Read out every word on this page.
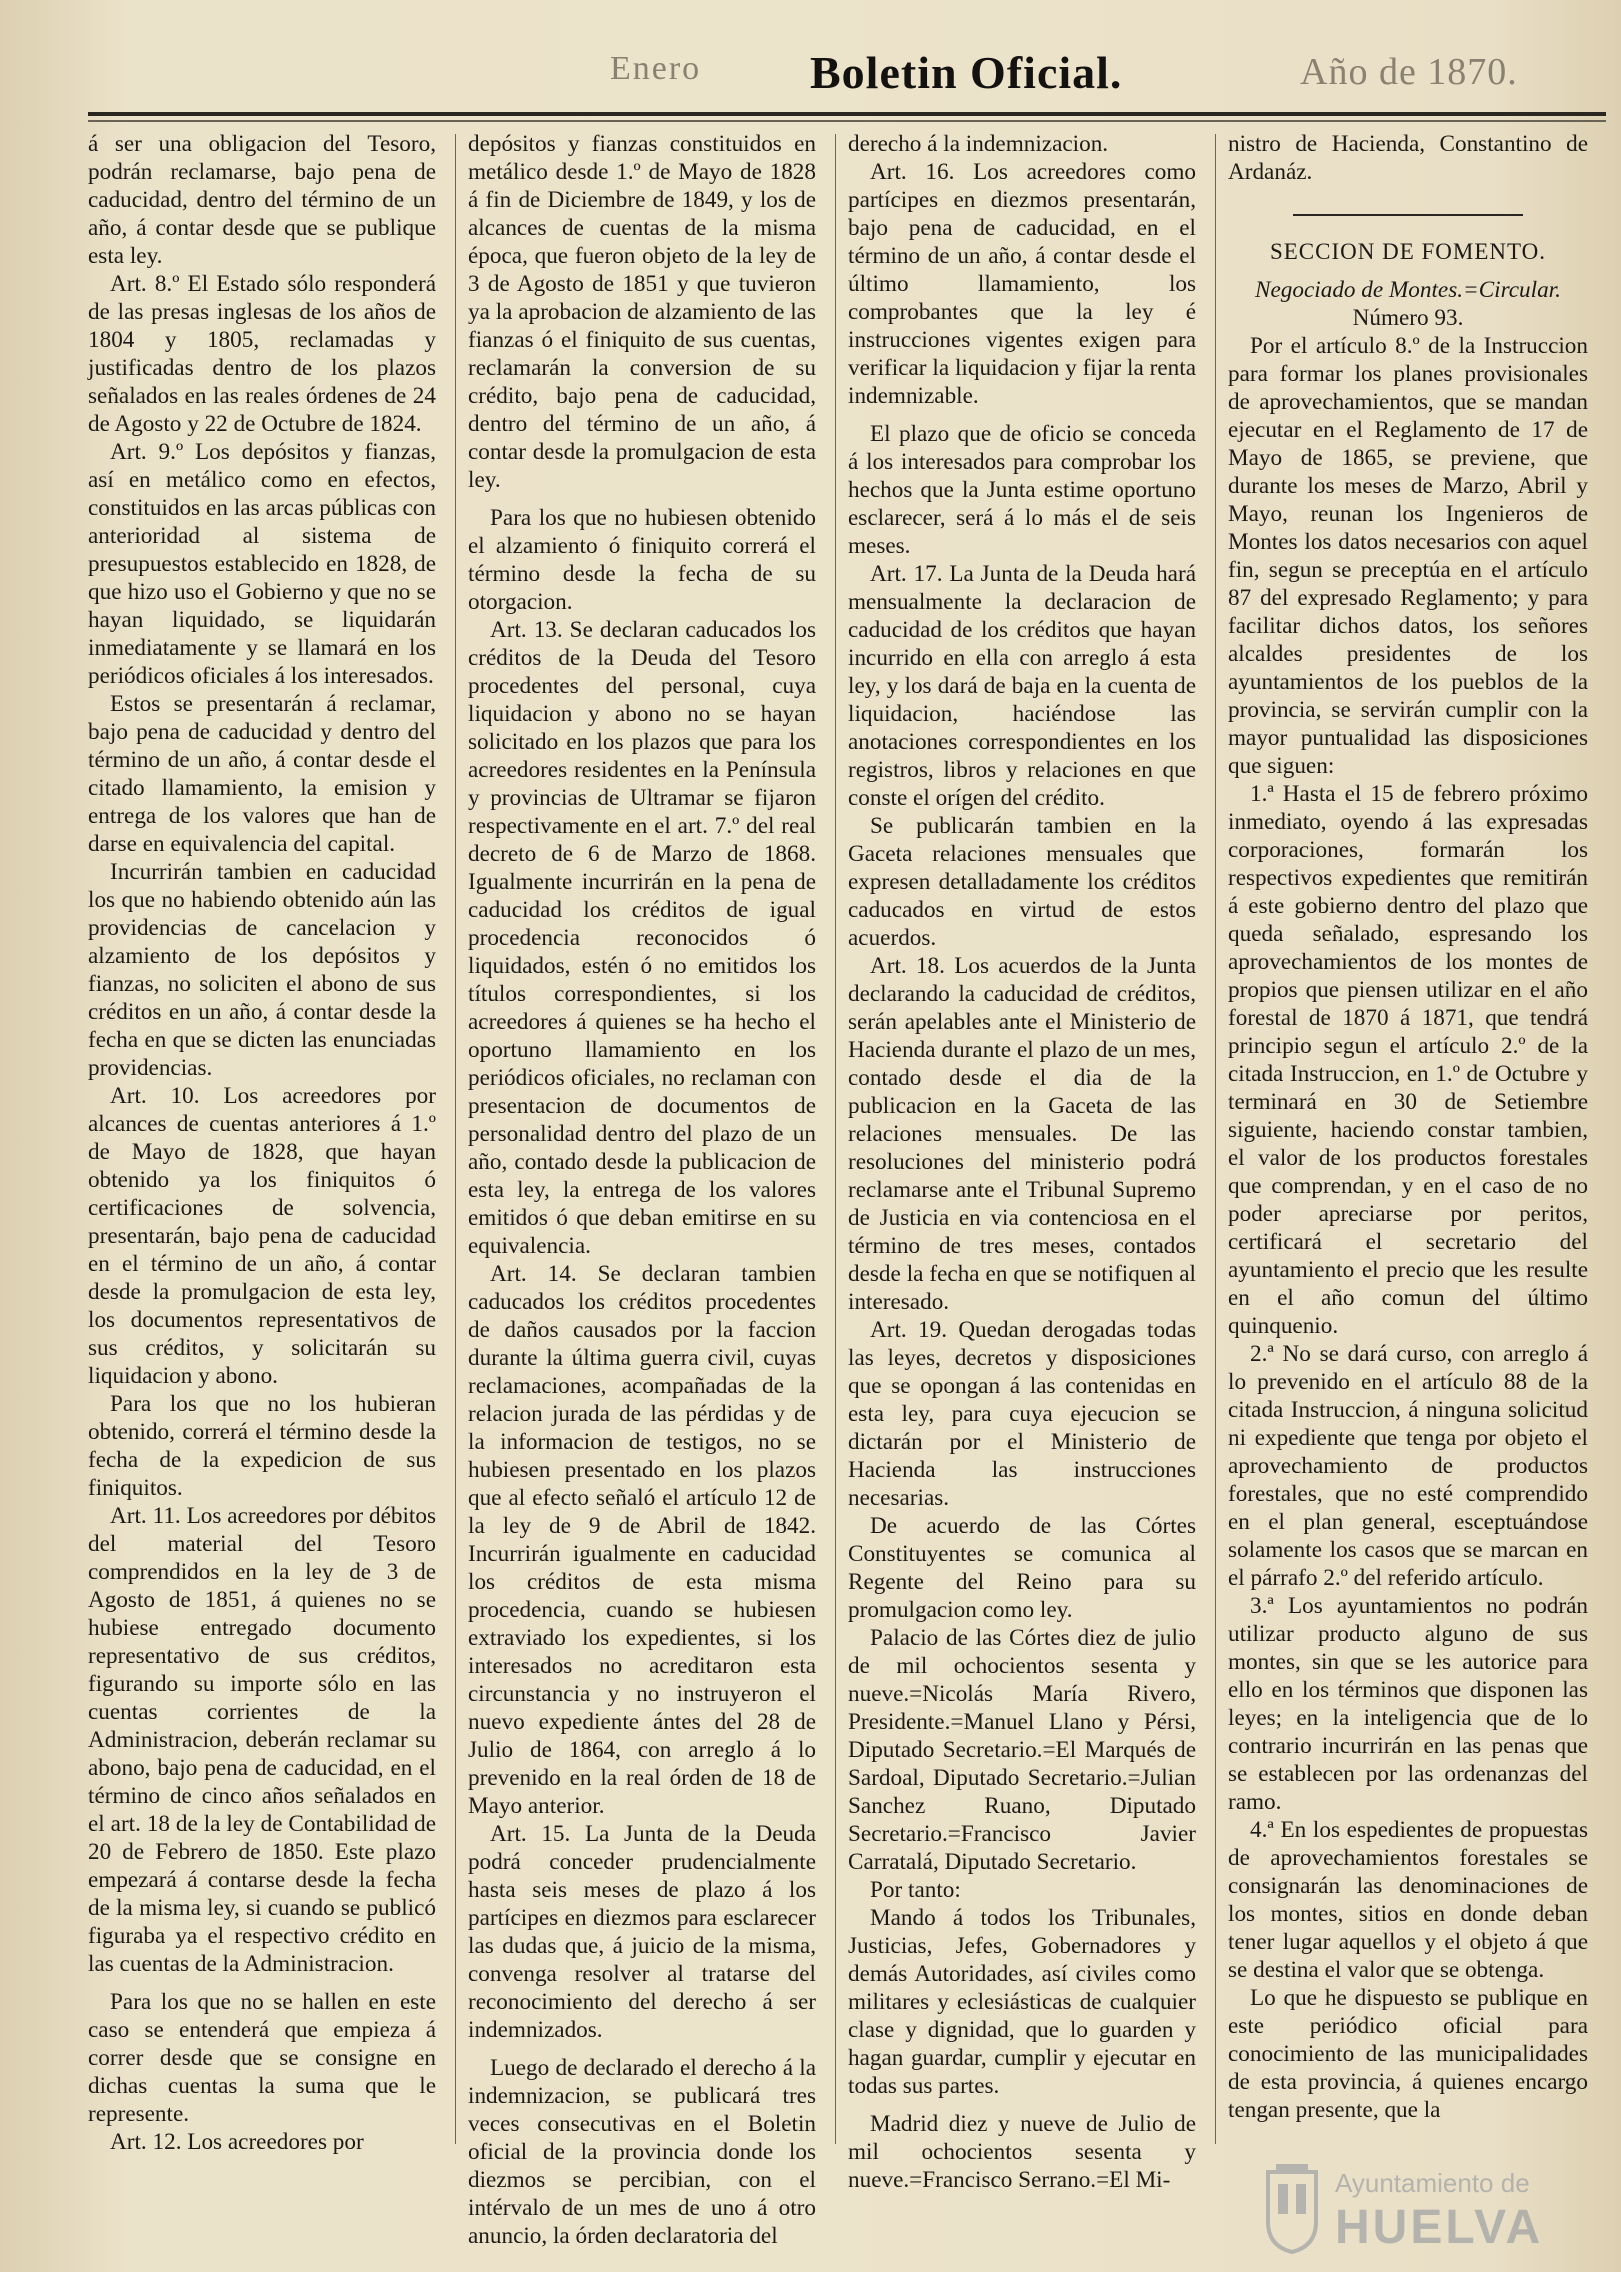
Enero Boletin Oficial.	Año de 1870.

á ser una obligacion del Tesoro, podrán reclamarse, bajo pena de caducidad, dentro del término de un año, á contar desde que se publique esta ley.

Art. 8.º El Estado sólo responderá de las presas inglesas de los años de 1804 y 1805, reclamadas y justificadas dentro de los plazos señalados en las reales órdenes de 24 de Agosto y 22 de Octubre de 1824.

Art. 9.º Los depósitos y fianzas, así en metálico como en efectos, constituidos en las arcas públicas con anterioridad al sistema de presupuestos establecido en 1828, de que hizo uso el Gobierno y que no se hayan liquidado, se liquidarán inmediatamente y se llamará en los periódicos oficiales á los interesados.

Estos se presentarán á reclamar, bajo pena de caducidad y dentro del término de un año, á contar desde el citado llamamiento, la emision y entrega de los valores que han de darse en equivalencia del capital.

Incurrirán tambien en caducidad los que no habiendo obtenido aún las providencias de cancelacion y alzamiento de los depósitos y fianzas, no soliciten el abono de sus créditos en un año, á contar desde la fecha en que se dicten las enunciadas providencias.

Art. 10. Los acreedores por alcances de cuentas anteriores á 1.º de Mayo de 1828, que hayan obtenido ya los finiquitos ó certificaciones de solvencia, presentarán, bajo pena de caducidad en el término de un año, á contar desde la promulgacion de esta ley, los documentos representativos de sus créditos, y solicitarán su liquidacion y abono.

Para los que no los hubieran obtenido, correrá el término desde la fecha de la expedicion de sus finiquitos.

Art. 11. Los acreedores por débitos del material del Tesoro comprendidos en la ley de 3 de Agosto de 1851, á quienes no se hubiese entregado documento representativo de sus créditos, figurando su importe sólo en las cuentas corrientes de la Administracion, deberán reclamar su abono, bajo pena de caducidad, en el término de cinco años señalados en el art. 18 de la ley de Contabilidad de 20 de Febrero de 1850. Este plazo empezará á contarse desde la fecha de la misma ley, si cuando se publicó figuraba ya el respectivo crédito en las cuentas de la Administracion.

Para los que no se hallen en este caso se entenderá que empieza á correr desde que se consigne en dichas cuentas la suma que le represente.

Art. 12. Los acreedores por

depósitos y fianzas constituidos en metálico desde 1.º de Mayo de 1828 á fin de Diciembre de 1849, y los de alcances de cuentas de la misma época, que fueron objeto de la ley de 3 de Agosto de 1851 y que tuvieron ya la aprobacion de alzamiento de las fianzas ó el finiquito de sus cuentas, reclamarán la conversion de su crédito, bajo pena de caducidad, dentro del término de un año, á contar desde la promulgacion de esta ley.

Para los que no hubiesen obtenido el alzamiento ó finiquito correrá el término desde la fecha de su otorgacion.

Art. 13. Se declaran caducados los créditos de la Deuda del Tesoro procedentes del personal, cuya liquidacion y abono no se hayan solicitado en los plazos que para los acreedores residentes en la Península y provincias de Ultramar se fijaron respectivamente en el art. 7.º del real decreto de 6 de Marzo de 1868. Igualmente incurrirán en la pena de caducidad los créditos de igual procedencia reconocidos ó liquidados, estén ó no emitidos los títulos correspondientes, si los acreedores á quienes se ha hecho el oportuno llamamiento en los periódicos oficiales, no reclaman con presentacion de documentos de personalidad dentro del plazo de un año, contado desde la publicacion de esta ley, la entrega de los valores emitidos ó que deban emitirse en su equivalencia.

Art. 14. Se declaran tambien caducados los créditos procedentes de daños causados por la faccion durante la última guerra civil, cuyas reclamaciones, acompañadas de la relacion jurada de las pérdidas y de la informacion de testigos, no se hubiesen presentado en los plazos que al efecto señaló el artículo 12 de la ley de 9 de Abril de 1842. Incurrirán igualmente en caducidad los créditos de esta misma procedencia, cuando se hubiesen extraviado los expedientes, si los interesados no acreditaron esta circunstancia y no instruyeron el nuevo expediente ántes del 28 de Julio de 1864, con arreglo á lo prevenido en la real órden de 18 de Mayo anterior.

Art. 15. La Junta de la Deuda podrá conceder prudencialmente hasta seis meses de plazo á los partícipes en diezmos para esclarecer las dudas que, á juicio de la misma, convenga resolver al tratarse del reconocimiento del derecho á ser indemnizados.

Luego de declarado el derecho á la indemnizacion, se publicará tres veces consecutivas en el Boletin oficial de la provincia donde los diezmos se percibian, con el intérvalo de un mes de uno á otro anuncio, la órden declaratoria del

derecho á la indemnizacion.

Art. 16. Los acreedores como partícipes en diezmos presentarán, bajo pena de caducidad, en el término de un año, á contar desde el último llamamiento, los comprobantes que la ley é instrucciones vigentes exigen para verificar la liquidacion y fijar la renta indemnizable.

El plazo que de oficio se conceda á los interesados para comprobar los hechos que la Junta estime oportuno esclarecer, será á lo más el de seis meses.

Art. 17. La Junta de la Deuda hará mensualmente la declaracion de caducidad de los créditos que hayan incurrido en ella con arreglo á esta ley, y los dará de baja en la cuenta de liquidacion, haciéndose las anotaciones correspondientes en los registros, libros y relaciones en que conste el orígen del crédito.

Se publicarán tambien en la Gaceta relaciones mensuales que expresen detalladamente los créditos caducados en virtud de estos acuerdos.

Art. 18. Los acuerdos de la Junta declarando la caducidad de créditos, serán apelables ante el Ministerio de Hacienda durante el plazo de un mes, contado desde el dia de la publicacion en la Gaceta de las relaciones mensuales. De las resoluciones del ministerio podrá reclamarse ante el Tribunal Supremo de Justicia en via contenciosa en el término de tres meses, contados desde la fecha en que se notifiquen al interesado.

Art. 19. Quedan derogadas todas las leyes, decretos y disposiciones que se opongan á las contenidas en esta ley, para cuya ejecucion se dictarán por el Ministerio de Hacienda las instrucciones necesarias.

De acuerdo de las Córtes Constituyentes se comunica al Regente del Reino para su promulgacion como ley.

Palacio de las Córtes diez de julio de mil ochocientos sesenta y nueve.=Nicolás María Rivero, Presidente.=Manuel Llano y Pérsi, Diputado Secretario.=El Marqués de Sardoal, Diputado Secretario.=Julian Sanchez Ruano, Diputado Secretario.=Francisco Javier Carratalá, Diputado Secretario.

Por tanto:

Mando á todos los Tribunales, Justicias, Jefes, Gobernadores y demás Autoridades, así civiles como militares y eclesiásticas de cualquier clase y dignidad, que lo guarden y hagan guardar, cumplir y ejecutar en todas sus partes.

Madrid diez y nueve de Julio de mil ochocientos sesenta y nueve.=Francisco Serrano.=El Mi-

nistro de Hacienda, Constantino de Ardanáz.

SECCION DE FOMENTO.
Negociado de Montes.=Circular.

Número 93.

Por el artículo 8.º de la Instruccion para formar los planes provisionales de aprovechamientos, que se mandan ejecutar en el Reglamento de 17 de Mayo de 1865, se previene, que durante los meses de Marzo, Abril y Mayo, reunan los Ingenieros de Montes los datos necesarios con aquel fin, segun se preceptúa en el artículo 87 del expresado Reglamento; y para facilitar dichos datos, los señores alcaldes presidentes de los ayuntamientos de los pueblos de la provincia, se servirán cumplir con la mayor puntualidad las disposiciones que siguen:

1.ª Hasta el 15 de febrero próximo inmediato, oyendo á las expresadas corporaciones, formarán los respectivos expedientes que remitirán á este gobierno dentro del plazo que queda señalado, espresando los aprovechamientos de los montes de propios que piensen utilizar en el año forestal de 1870 á 1871, que tendrá principio segun el artículo 2.º de la citada Instruccion, en 1.º de Octubre y terminará en 30 de Setiembre siguiente, haciendo constar tambien, el valor de los productos forestales que comprendan, y en el caso de no poder apreciarse por peritos, certificará el secretario del ayuntamiento el precio que les resulte en el año comun del último quinquenio.

2.ª No se dará curso, con arreglo á lo prevenido en el artículo 88 de la citada Instruccion, á ninguna solicitud ni expediente que tenga por objeto el aprovechamiento de productos forestales, que no esté comprendido en el plan general, esceptuándose solamente los casos que se marcan en el párrafo 2.º del referido artículo.

3.ª Los ayuntamientos no podrán utilizar producto alguno de sus montes, sin que se les autorice para ello en los términos que disponen las leyes; en la inteligencia que de lo contrario incurrirán en las penas que se establecen por las ordenanzas del ramo.

4.ª En los espedientes de propuestas de aprovechamientos forestales se consignarán las denominaciones de los montes, sitios en donde deban tener lugar aquellos y el objeto á que se destina el valor que se obtenga.

Lo que he dispuesto se publique en este periódico oficial para conocimiento de las municipalidades de esta provincia, á quienes encargo tengan presente, que la

Ayuntamiento de
HUELVA
